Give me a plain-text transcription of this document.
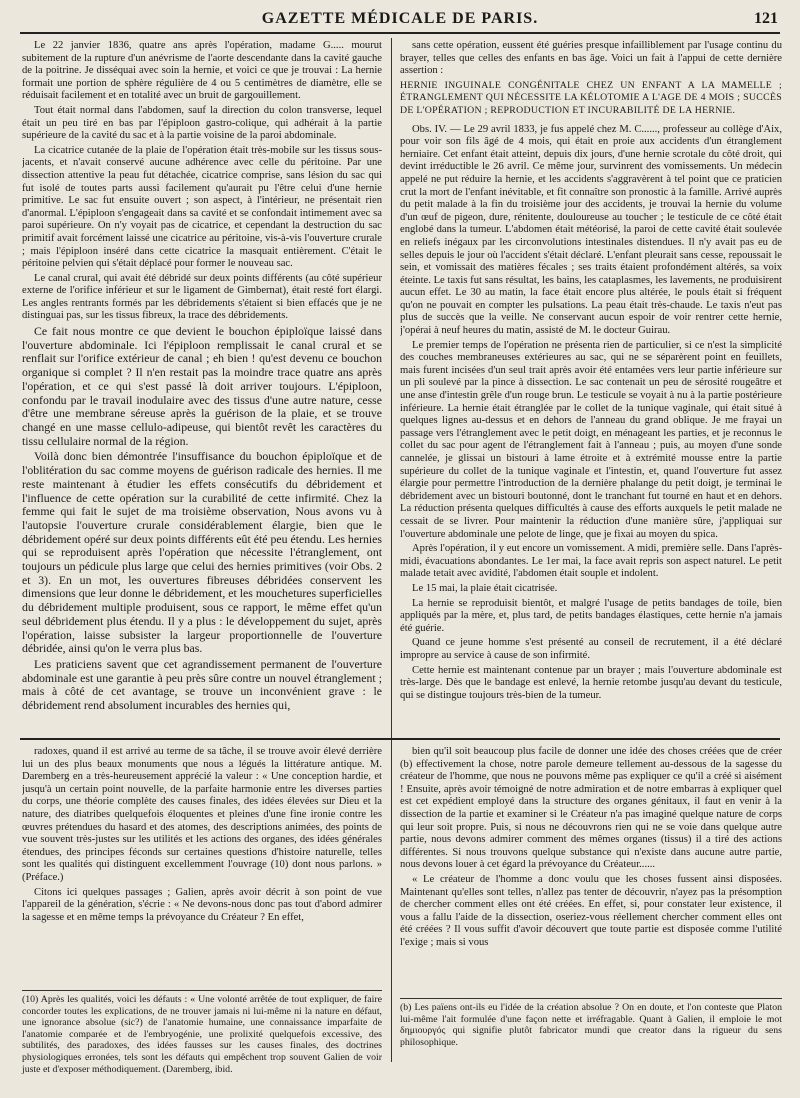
GAZETTE MÉDICALE DE PARIS.	121

Le 22 janvier 1836, quatre ans après l'opération, madame G..... mourut subitement de la rupture d'un anévrisme de l'aorte descendante dans la cavité gauche de la poitrine. Je disséquai avec soin la hernie, et voici ce que je trouvai : La hernie formait une portion de sphère régulière de 4 ou 5 centimètres de diamètre, elle se réduisait facilement et en totalité avec un bruit de gargouillement.

Tout était normal dans l'abdomen, sauf la direction du colon transverse, lequel était un peu tiré en bas par l'épiploon gastro-colique, qui adhérait à la partie supérieure de la cavité du sac et à la partie voisine de la paroi abdominale.

La cicatrice cutanée de la plaie de l'opération était très-mobile sur les tissus sous-jacents, et n'avait conservé aucune adhérence avec celle du péritoine. Par une dissection attentive la peau fut détachée, cicatrice comprise, sans lésion du sac qui fut isolé de toutes parts aussi facilement qu'aurait pu l'être celui d'une hernie primitive. Le sac fut ensuite ouvert ; son aspect, à l'intérieur, ne présentait rien d'anormal. L'épiploon s'engageait dans sa cavité et se confondait intimement avec sa paroi supérieure. On n'y voyait pas de cicatrice, et cependant la destruction du sac primitif avait forcément laissé une cicatrice au péritoine, vis-à-vis l'ouverture crurale ; mais l'épiploon inséré dans cette cicatrice la masquait entièrement. C'était le péritoine pelvien qui s'était déplacé pour former le nouveau sac.

Le canal crural, qui avait été débridé sur deux points différents (au côté supérieur externe de l'orifice inférieur et sur le ligament de Gimbernat), était resté fort élargi. Les angles rentrants formés par les débridements s'étaient si bien effacés que je ne distinguai pas, sur les tissus fibreux, la trace des débridements.

Ce fait nous montre ce que devient le bouchon épiploïque laissé dans l'ouverture abdominale. Ici l'épiploon remplissait le canal crural et se renflait sur l'orifice extérieur de canal ; eh bien ! qu'est devenu ce bouchon organique si complet ? Il n'en restait pas la moindre trace quatre ans après l'opération, et ce qui s'est passé là doit arriver toujours. L'épiploon, confondu par le travail inodulaire avec des tissus d'une autre nature, cesse d'être une membrane séreuse après la guérison de la plaie, et se trouve changé en une masse cellulo-adipeuse, qui bientôt revêt les caractères du tissu cellulaire normal de la région.

Voilà donc bien démontrée l'insuffisance du bouchon épiploïque et de l'oblitération du sac comme moyens de guérison radicale des hernies. Il me reste maintenant à étudier les effets consécutifs du débridement et l'influence de cette opération sur la curabilité de cette infirmité. Chez la femme qui fait le sujet de ma troisième observation, Nous avons vu à l'autopsie l'ouverture crurale considérablement élargie, bien que le débridement opéré sur deux points différents eût été peu étendu. Les hernies qui se reproduisent après l'opération que nécessite l'étranglement, ont toujours un pédicule plus large que celui des hernies primitives (voir Obs. 2 et 3). En un mot, les ouvertures fibreuses débridées conservent les dimensions que leur donne le débridement, et les mouchetures superficielles du débridement multiple produisent, sous ce rapport, le même effet qu'un seul débridement plus étendu. Il y a plus : le développement du sujet, après l'opération, laisse subsister la largeur proportionnelle de l'ouverture débridée, ainsi qu'on le verra plus bas.

Les praticiens savent que cet agrandissement permanent de l'ouverture abdominale est une garantie à peu près sûre contre un nouvel étranglement ; mais à côté de cet avantage, se trouve un inconvénient grave : le débridement rend absolument incurables des hernies qui,

sans cette opération, eussent été guéries presque infailliblement par l'usage continu du brayer, telles que celles des enfants en bas âge. Voici un fait à l'appui de cette dernière assertion :

HERNIE INGUINALE CONGÉNITALE CHEZ UN ENFANT A LA MAMELLE ; ÉTRANGLEMENT QUI NÉCESSITE LA KÉLOTOMIE A L'AGE DE 4 MOIS ; SUCCÈS DE L'OPÉRATION ; REPRODUCTION ET INCURABILITÉ DE LA HERNIE.

Obs. IV. — Le 29 avril 1833, je fus appelé chez M. C......, professeur au collège d'Aix, pour voir son fils âgé de 4 mois, qui était en proie aux accidents d'un étranglement herniaire. Cet enfant était atteint, depuis dix jours, d'une hernie scrotale du côté droit, qui devint irréductible le 26 avril. Ce même jour, survinrent des vomissements. Un médecin appelé ne put réduire la hernie, et les accidents s'aggravèrent à tel point que ce praticien crut la mort de l'enfant inévitable, et fit connaître son pronostic à la famille. Arrivé auprès du petit malade à la fin du troisième jour des accidents, je trouvai la hernie du volume d'un œuf de pigeon, dure, rénitente, douloureuse au toucher ; le testicule de ce côté était englobé dans la tumeur. L'abdomen était météorisé, la paroi de cette cavité était soulevée en reliefs inégaux par les circonvolutions intestinales distendues. Il n'y avait pas eu de selles depuis le jour où l'accident s'était déclaré. L'enfant pleurait sans cesse, repoussait le sein, et vomissait des matières fécales ; ses traits étaient profondément altérés, sa voix éteinte. Le taxis fut sans résultat, les bains, les cataplasmes, les lavements, ne produisirent aucun effet. Le 30 au matin, la face était encore plus altérée, le pouls était si fréquent qu'on ne pouvait en compter les pulsations. La peau était très-chaude. Le taxis n'eut pas plus de succès que la veille. Ne conservant aucun espoir de voir rentrer cette hernie, j'opérai à neuf heures du matin, assisté de M. le docteur Guirau.

Le premier temps de l'opération ne présenta rien de particulier, si ce n'est la simplicité des couches membraneuses extérieures au sac, qui ne se séparèrent point en feuillets, mais furent incisées d'un seul trait après avoir été entamées vers leur partie inférieure sur un pli soulevé par la pince à dissection. Le sac contenait un peu de sérosité rougeâtre et une anse d'intestin grêle d'un rouge brun. Le testicule se voyait à nu à la partie postérieure inférieure. La hernie était étranglée par le collet de la tunique vaginale, qui était situé à quelques lignes au-dessus et en dehors de l'anneau du grand oblique. Je me frayai un passage vers l'étranglement avec le petit doigt, en ménageant les parties, et je reconnus le collet du sac pour agent de l'étranglement fait à l'anneau ; puis, au moyen d'une sonde cannelée, je glissai un bistouri à lame étroite et à extrémité mousse entre la partie supérieure du collet de la tunique vaginale et l'intestin, et, quand l'ouverture fut assez élargie pour permettre l'introduction de la dernière phalange du petit doigt, je terminai le débridement avec un bistouri boutonné, dont le tranchant fut tourné en haut et en dehors. La réduction présenta quelques difficultés à cause des efforts auxquels le petit malade ne cessait de se livrer. Pour maintenir la réduction d'une manière sûre, j'appliquai sur l'ouverture abdominale une pelote de linge, que je fixai au moyen du spica.

Après l'opération, il y eut encore un vomissement. A midi, première selle. Dans l'après-midi, évacuations abondantes. Le 1er mai, la face avait repris son aspect naturel. Le petit malade tetait avec avidité, l'abdomen était souple et indolent.

Le 15 mai, la plaie était cicatrisée.

La hernie se reproduisit bientôt, et malgré l'usage de petits bandages de toile, bien appliqués par la mère, et, plus tard, de petits bandages élastiques, cette hernie n'a jamais été guérie.

Quand ce jeune homme s'est présenté au conseil de recrutement, il a été déclaré impropre au service à cause de son infirmité.

Cette hernie est maintenant contenue par un brayer ; mais l'ouverture abdominale est très-large. Dès que le bandage est enlevé, la hernie retombe jusqu'au devant du testicule, qui se distingue toujours très-bien de la tumeur.

radoxes, quand il est arrivé au terme de sa tâche, il se trouve avoir élevé derrière lui un des plus beaux monuments que nous a légués la littérature antique. M. Daremberg en a très-heureusement apprécié la valeur : « Une conception hardie, et jusqu'à un certain point nouvelle, de la parfaite harmonie entre les diverses parties du corps, une théorie complète des causes finales, des idées élevées sur Dieu et la nature, des diatribes quelquefois éloquentes et pleines d'une fine ironie contre les œuvres prétendues du hasard et des atomes, des descriptions animées, des points de vue souvent très-justes sur les utilités et les actions des organes, des idées générales étendues, des principes féconds sur certaines questions d'histoire naturelle, telles sont les qualités qui distinguent excellemment l'ouvrage (10) dont nous parlons. » (Préface.)

Citons ici quelques passages ; Galien, après avoir décrit à son point de vue l'appareil de la génération, s'écrie : « Ne devons-nous donc pas tout d'abord admirer la sagesse et en même temps la prévoyance du Créateur ? En effet,

bien qu'il soit beaucoup plus facile de donner une idée des choses créées que de créer (b) effectivement la chose, notre parole demeure tellement au-dessous de la sagesse du créateur de l'homme, que nous ne pouvons même pas expliquer ce qu'il a créé si aisément ! Ensuite, après avoir témoigné de notre admiration et de notre embarras à expliquer quel est cet expédient employé dans la structure des organes génitaux, il faut en venir à la dissection de la partie et examiner si le Créateur n'a pas imaginé quelque nature de corps qui leur soit propre. Puis, si nous ne découvrons rien qui ne se voie dans quelque autre partie, nous devons admirer comment des mêmes organes (tissus) il a tiré des actions différentes. Si nous trouvons quelque substance qui n'existe dans aucune autre partie, nous devons louer à cet égard la prévoyance du Créateur......

« Le créateur de l'homme a donc voulu que les choses fussent ainsi disposées. Maintenant qu'elles sont telles, n'allez pas tenter de découvrir, n'ayez pas la présomption de chercher comment elles ont été créées. En effet, si, pour constater leur existence, il vous a fallu l'aide de la dissection, oseriez-vous réellement chercher comment elles ont été créées ? Il vous suffit d'avoir découvert que toute partie est disposée comme l'utilité l'exige ; mais si vous

(10) Après les qualités, voici les défauts : « Une volonté arrêtée de tout expliquer, de faire concorder toutes les explications, de ne trouver jamais ni lui-même ni la nature en défaut, une ignorance absolue (sic?) de l'anatomie humaine, une connaissance imparfaite de l'anatomie comparée et de l'embryogénie, une prolixité quelquefois excessive, des subtilités, des paradoxes, des idées fausses sur les causes finales, des doctrines physiologiques erronées, tels sont les défauts qui empêchent trop souvent Galien de voir juste et d'exposer méthodiquement. (Daremberg, ibid.
(b) Les païens ont-ils eu l'idée de la création absolue ? On en doute, et l'on conteste que Platon lui-même l'ait formulée d'une façon nette et irréfragable. Quant à Galien, il emploie le mot δημιουργός qui signifie plutôt fabricator mundi que creator dans la rigueur du sens philosophique.
